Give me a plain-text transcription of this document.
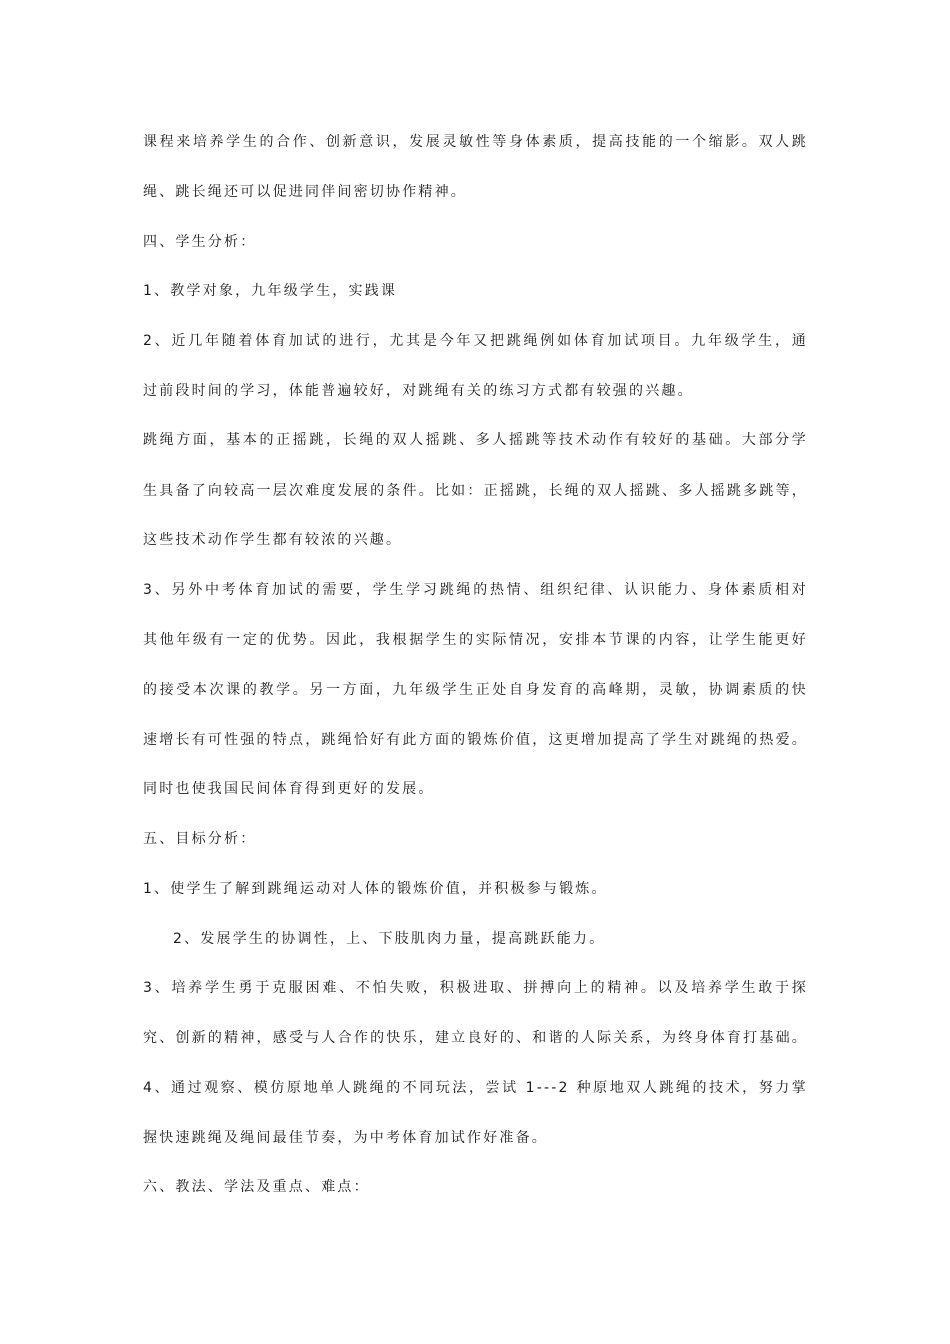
课程来培养学生的合作、创新意识，发展灵敏性等身体素质，提高技能的一个缩影。双人跳
绳、跳长绳还可以促进同伴间密切协作精神。
四、学生分析：
1、教学对象，九年级学生，实践课
2、近几年随着体育加试的进行，尤其是今年又把跳绳例如体育加试项目。九年级学生，通
过前段时间的学习，体能普遍较好，对跳绳有关的练习方式都有较强的兴趣。
跳绳方面，基本的正摇跳，长绳的双人摇跳、多人摇跳等技术动作有较好的基础。大部分学
生具备了向较高一层次难度发展的条件。比如：正摇跳，长绳的双人摇跳、多人摇跳多跳等，
这些技术动作学生都有较浓的兴趣。
3、另外中考体育加试的需要，学生学习跳绳的热情、组织纪律、认识能力、身体素质相对
其他年级有一定的优势。因此，我根据学生的实际情况，安排本节课的内容，让学生能更好
的接受本次课的教学。另一方面，九年级学生正处自身发育的高峰期，灵敏，协调素质的快
速增长有可性强的特点，跳绳恰好有此方面的锻炼价值，这更增加提高了学生对跳绳的热爱。
同时也使我国民间体育得到更好的发展。
五、目标分析：
1、使学生了解到跳绳运动对人体的锻炼价值，并积极参与锻炼。
2、发展学生的协调性，上、下肢肌肉力量，提高跳跃能力。
3、培养学生勇于克服困难、不怕失败，积极进取、拼搏向上的精神。以及培养学生敢于探
究、创新的精神，感受与人合作的快乐，建立良好的、和谐的人际关系，为终身体育打基础。
4、通过观察、模仿原地单人跳绳的不同玩法，尝试 1---2 种原地双人跳绳的技术，努力掌
握快速跳绳及绳间最佳节奏，为中考体育加试作好准备。
六、教法、学法及重点、难点：
